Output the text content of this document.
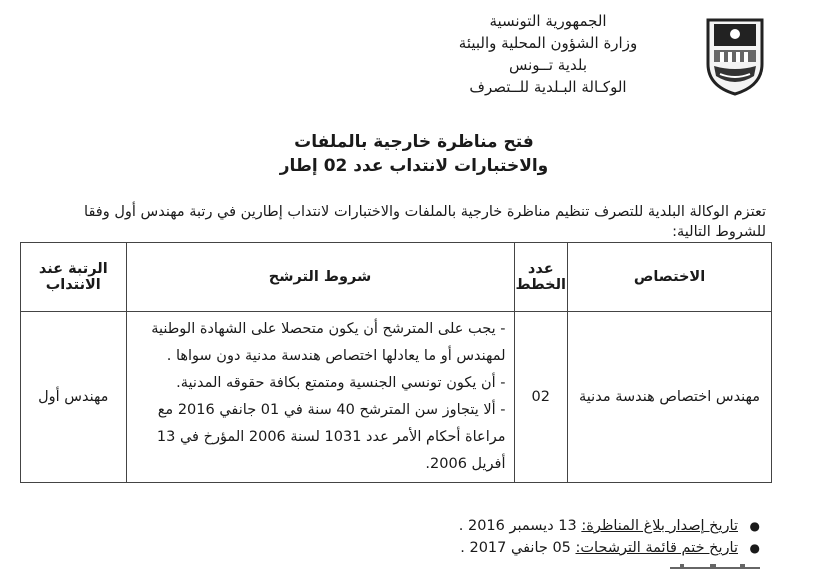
الجمهورية التونسية
وزارة الشؤون المحلية والبيئة
بلدية تــونس
الوكـالة البـلدية للــتصرف
فتح مناظرة خارجية بالملفات
والاختبارات لانتداب عدد 02 إطار
تعتزم الوكالة البلدية للتصرف تنظيم مناظرة خارجية بالملفات والاختبارات لانتداب إطارين في رتبة مهندس أول وفقا للشروط التالية:
الاختصاص	عدد الخطط	شروط الترشح	الرتبة عند الانتداب
مهندس اختصاص هندسة مدنية	02	- يجب على المترشح أن يكون متحصلا على الشهادة الوطنية لمهندس أو ما يعادلها اختصاص هندسة مدنية دون سواها .
- أن يكون تونسي الجنسية ومتمتع بكافة حقوقه المدنية.
- ألا يتجاوز سن المترشح 40 سنة في 01 جانفي 2016 مع مراعاة أحكام الأمر عدد 1031 لسنة 2006 المؤرخ في 13 أفريل 2006.	مهندس أول
●
تاريخ إصدار بلاغ المناظرة:

13 ديسمبر 2016 .
●
تاريخ ختم قائمة الترشحات:

05 جانفي 2017 .
